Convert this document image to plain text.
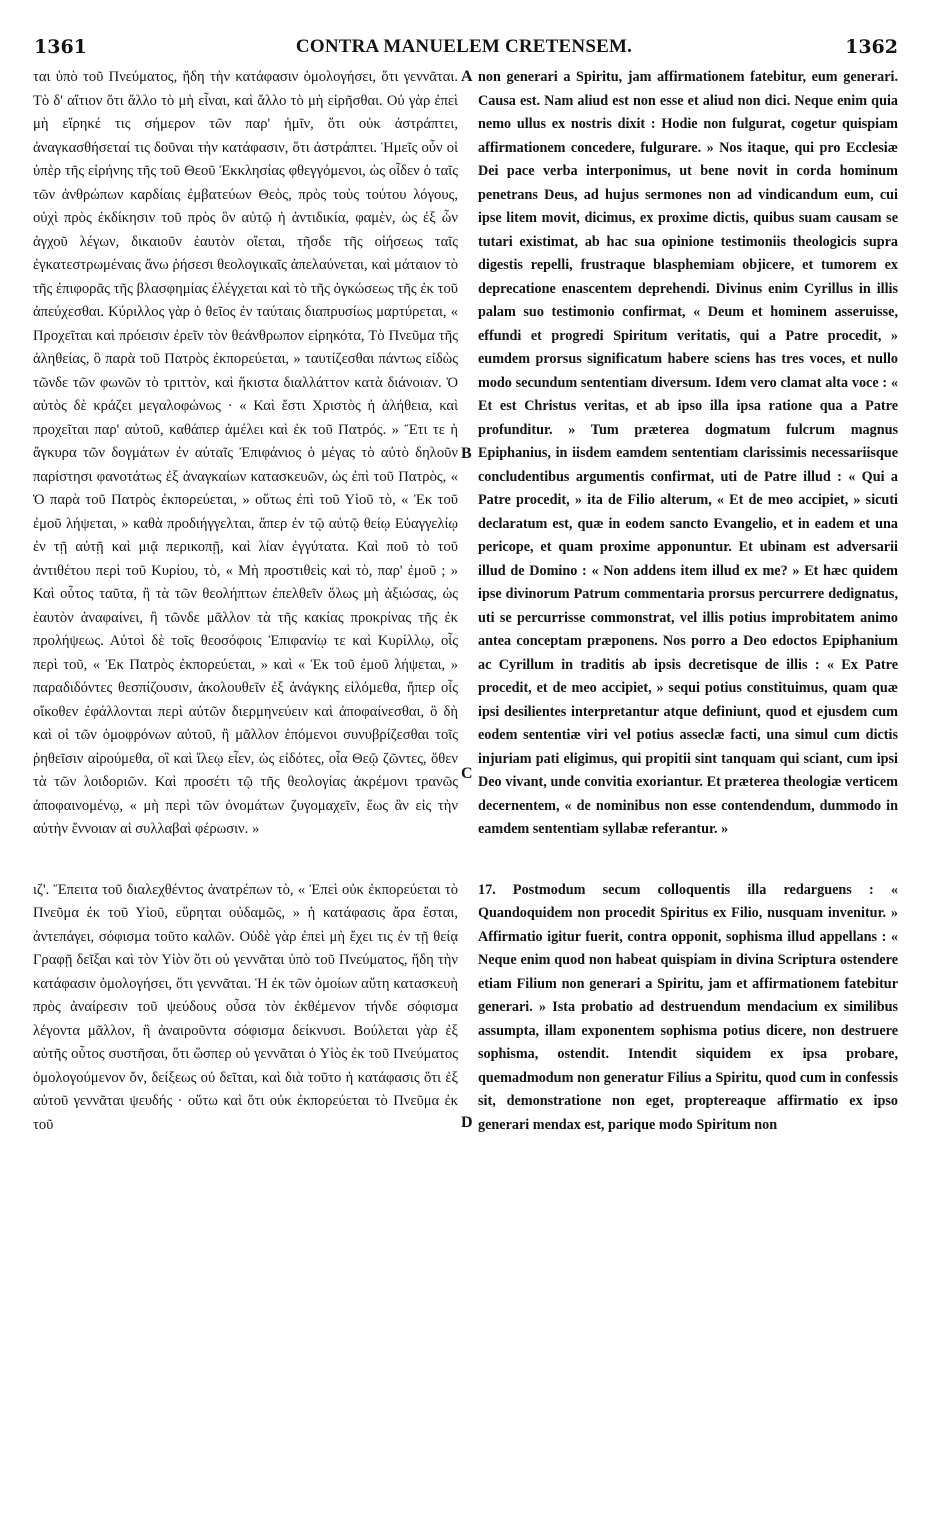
1361	CONTRA MANUELEM CRETENSEM.	1362

ται ὑπὸ τοῦ Πνεύματος, ἤδη τὴν κατάφασιν ὁμολογήσει, ὅτι γεννᾶται. Τὸ δ' αἴτιον ὅτι ἄλλο τὸ μὴ εἶναι, καὶ ἄλλο τὸ μὴ εἰρῆσθαι. Οὐ γὰρ ἐπεὶ μὴ εἴρηκέ τις σήμερον τῶν παρ' ἡμῖν, ὅτι οὐκ ἀστράπτει, ἀναγκασθήσεταί τις δοῦναι τὴν κατάφασιν, ὅτι ἀστράπτει. Ἡμεῖς οὖν οἱ ὑπὲρ τῆς εἰρήνης τῆς τοῦ Θεοῦ Ἐκκλησίας φθεγγόμενοι, ὡς οἶδεν ὁ ταῖς τῶν ἀνθρώπων καρδίαις ἐμβατεύων Θεὸς, πρὸς τοὺς τούτου λόγους, οὐχὶ πρὸς ἐκδίκησιν τοῦ πρὸς ὃν αὐτῷ ἡ ἀντιδικία, φαμὲν, ὡς ἐξ ὧν ἀγχοῦ λέγων, δικαιοῦν ἑαυτὸν οἴεται, τῆσδε τῆς οἰήσεως ταῖς ἐγκατεστρωμέναις ἄνω ῥήσεσι θεολογικαῖς ἀπελαύνεται, καὶ μάταιον τὸ τῆς ἐπιφορᾶς τῆς βλασφημίας ἐλέγχεται καὶ τὸ τῆς ὀγκώσεως τῆς ἐκ τοῦ ἀπεύχεσθαι. Κύριλλος γὰρ ὁ θεῖος ἐν ταύταις διαπρυσίως μαρτύρεται, « Προχεῖται καὶ πρόεισιν ἐρεῖν τὸν θεάνθρωπον εἰρηκότα, Τὸ Πνεῦμα τῆς ἀληθείας, ὃ παρὰ τοῦ Πατρὸς ἐκπορεύεται, » ταυτίζεσθαι πάντως εἰδὼς τῶνδε τῶν φωνῶν τὸ τριττὸν, καὶ ἥκιστα διαλλάττον κατὰ διάνοιαν. Ὁ αὐτὸς δὲ κράζει μεγαλοφώνως · « Καὶ ἔστι Χριστὸς ἡ ἀλήθεια, καὶ προχεῖται παρ' αὐτοῦ, καθάπερ ἀμέλει καὶ ἐκ τοῦ Πατρός. » Ἔτι τε ἡ ἄγκυρα τῶν δογμάτων ἐν αὐταῖς Ἐπιφάνιος ὁ μέγας τὸ αὐτὸ δηλοῦν παρίστησι φανοτάτως ἐξ ἀναγκαίων κατασκευῶν, ὡς ἐπὶ τοῦ Πατρὸς, « Ὁ παρὰ τοῦ Πατρὸς ἐκπορεύεται, » οὕτως ἐπὶ τοῦ Υἱοῦ τὸ, « Ἐκ τοῦ ἐμοῦ λήψεται, » καθὰ προδιήγγελται, ἅπερ ἐν τῷ αὐτῷ θείῳ Εὐαγγελίῳ ἐν τῇ αὐτῇ καὶ μιᾷ περικοπῇ, καὶ λίαν ἐγγύτατα. Καὶ ποῦ τὸ τοῦ ἀντιθέτου περὶ τοῦ Κυρίου, τὸ, « Μὴ προστιθεὶς καὶ τὸ, παρ' ἐμοῦ ; » Καὶ οὗτος ταῦτα, ἢ τὰ τῶν θεολήπτων ἐπελθεῖν ὅλως μὴ ἀξιώσας, ὡς ἑαυτὸν ἀναφαίνει, ἢ τῶνδε μᾶλλον τὰ τῆς κακίας προκρίνας τῆς ἐκ προλήψεως. Αὐτοὶ δὲ τοῖς θεοσόφοις Ἐπιφανίῳ τε καὶ Κυρίλλῳ, οἷς περὶ τοῦ, « Ἐκ Πατρὸς ἐκπορεύεται, » καὶ « Ἐκ τοῦ ἐμοῦ λήψεται, » παραδιδόντες θεσπίζουσιν, ἀκολουθεῖν ἐξ ἀνάγκης εἱλόμεθα, ἤπερ οἷς οἴκοθεν ἐφάλλονται περὶ αὐτῶν διερμηνεύειν καὶ ἀποφαίνεσθαι, ὃ δὴ καὶ οἱ τῶν ὁμοφρόνων αὐτοῦ, ἢ μᾶλλον ἑπόμενοι συνυβρίζεσθαι τοῖς ῥηθεῖσιν αἱρούμεθα, οἳ καὶ ἵλεῳ εἶεν, ὡς εἰδότες, οἷα Θεῷ ζῶντες, ὅθεν τὰ τῶν λοιδοριῶν. Καὶ προσέτι τῷ τῆς θεολογίας ἀκρέμονι τρανῶς ἀποφαινομένῳ, « μὴ περὶ τῶν ὀνομάτων ζυγομαχεῖν, ἕως ἂν εἰς τὴν αὐτὴν ἔννοιαν αἱ συλλαβαὶ φέρωσιν. »

ιζ'. Ἔπειτα τοῦ διαλεχθέντος ἀνατρέπων τὸ, « Ἐπεὶ οὐκ ἐκπορεύεται τὸ Πνεῦμα ἐκ τοῦ Υἱοῦ, εὕρηται οὐδαμῶς, » ἡ κατάφασις ἄρα ἔσται, ἀντεπάγει, σόφισμα τοῦτο καλῶν. Οὐδὲ γὰρ ἐπεὶ μὴ ἔχει τις ἐν τῇ θείᾳ Γραφῇ δεῖξαι καὶ τὸν Υἱὸν ὅτι οὐ γεννᾶται ὑπὸ τοῦ Πνεύματος, ἤδη τὴν κατάφασιν ὁμολογήσει, ὅτι γεννᾶται. Ἡ ἐκ τῶν ὁμοίων αὕτη κατασκευὴ πρὸς ἀναίρεσιν τοῦ ψεύδους οὖσα τὸν ἐκθέμενον τήνδε σόφισμα λέγοντα μᾶλλον, ἢ ἀναιροῦντα σόφισμα δείκνυσι. Βούλεται γὰρ ἐξ αὐτῆς οὗτος συστῆσαι, ὅτι ὥσπερ οὐ γεννᾶται ὁ Υἱὸς ἐκ τοῦ Πνεύματος ὁμολογούμενον ὄν, δείξεως οὐ δεῖται, καὶ διὰ τοῦτο ἡ κατάφασις ὅτι ἐξ αὐτοῦ γεννᾶται ψευδής · οὕτω καὶ ὅτι οὐκ ἐκπορεύεται τὸ Πνεῦμα ἐκ τοῦ

A
B
C
D

non generari a Spiritu, jam affirmationem fatebitur, eum generari. Causa est. Nam aliud est non esse et aliud non dici. Neque enim quia nemo ullus ex nostris dixit : Hodie non fulgurat, cogetur quispiam affirmationem concedere, fulgurare. » Nos itaque, qui pro Ecclesiæ Dei pace verba interponimus, ut bene novit in corda hominum penetrans Deus, ad hujus sermones non ad vindicandum eum, cui ipse litem movit, dicimus, ex proxime dictis, quibus suam causam se tutari existimat, ab hac sua opinione testimoniis theologicis supra digestis repelli, frustraque blasphemiam objicere, et tumorem ex deprecatione enascentem deprehendi. Divinus enim Cyrillus in illis palam suo testimonio confirmat, « Deum et hominem asseruisse, effundi et progredi Spiritum veritatis, qui a Patre procedit, » eumdem prorsus significatum habere sciens has tres voces, et nullo modo secundum sententiam diversum. Idem vero clamat alta voce : « Et est Christus veritas, et ab ipso illa ipsa ratione qua a Patre profunditur. » Tum præterea dogmatum fulcrum magnus Epiphanius, in iisdem eamdem sententiam clarissimis necessariisque concludentibus argumentis confirmat, uti de Patre illud : « Qui a Patre procedit, » ita de Filio alterum, « Et de meo accipiet, » sicuti declaratum est, quæ in eodem sancto Evangelio, et in eadem et una pericope, et quam proxime apponuntur. Et ubinam est adversarii illud de Domino : « Non addens item illud ex me? » Et hæc quidem ipse divinorum Patrum commentaria prorsus percurrere dedignatus, uti se percurrisse commonstrat, vel illis potius improbitatem animo antea conceptam præponens. Nos porro a Deo edoctos Epiphanium ac Cyrillum in traditis ab ipsis decretisque de illis : « Ex Patre procedit, et de meo accipiet, » sequi potius constituimus, quam quæ ipsi desilientes interpretantur atque definiunt, quod et ejusdem cum eodem sententiæ viri vel potius asseclæ facti, una simul cum dictis injuriam pati eligimus, qui propitii sint tanquam qui sciant, cum ipsi Deo vivant, unde convitia exoriantur. Et præterea theologiæ verticem decernentem, « de nominibus non esse contendendum, dummodo in eamdem sententiam syllabæ referantur. »

17. Postmodum secum colloquentis illa redarguens : « Quandoquidem non procedit Spiritus ex Filio, nusquam invenitur. » Affirmatio igitur fuerit, contra opponit, sophisma illud appellans : « Neque enim quod non habeat quispiam in divina Scriptura ostendere etiam Filium non generari a Spiritu, jam et affirmationem fatebitur generari. » Ista probatio ad destruendum mendacium ex similibus assumpta, illam exponentem sophisma potius dicere, non destruere sophisma, ostendit. Intendit siquidem ex ipsa probare, quemadmodum non generatur Filius a Spiritu, quod cum in confessis sit, demonstratione non eget, proptereaque affirmatio ex ipso generari mendax est, parique modo Spiritum non
